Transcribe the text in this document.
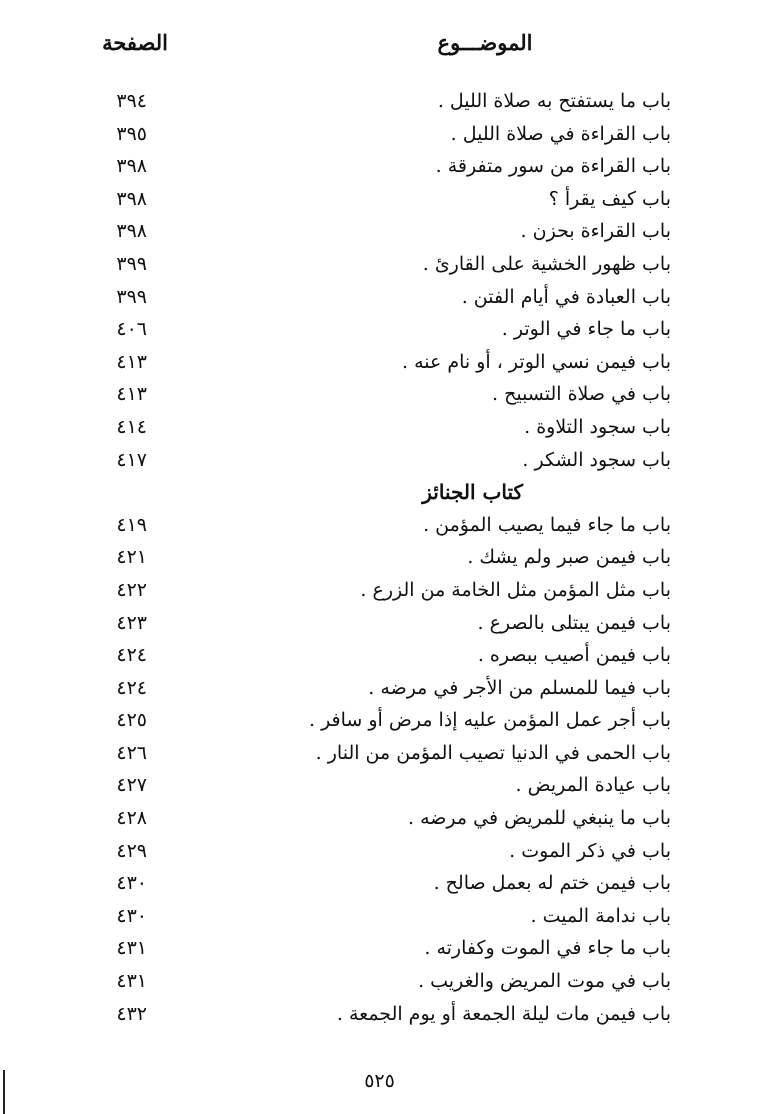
الموضـــوع
الصفحة
باب ما يستفتح به صلاة الليل .
٣٩٤
باب القراءة في صلاة الليل .
٣٩٥
باب القراءة من سور متفرقة .
٣٩٨
باب كيف يقرأ ؟
٣٩٨
باب القراءة بحزن .
٣٩٨
باب ظهور الخشية على القارئ .
٣٩٩
باب العبادة في أيام الفتن .
٣٩٩
باب ما جاء في الوتر .
٤٠٦
باب فيمن نسي الوتر ، أو نام عنه .
٤١٣
باب في صلاة التسبيح .
٤١٣
باب سجود التلاوة .
٤١٤
باب سجود الشكر .
٤١٧
كتاب الجنائز
باب ما جاء فيما يصيب المؤمن .
٤١٩
باب فيمن صبر ولم يشك .
٤٢١
باب مثل المؤمن مثل الخامة من الزرع .
٤٢٢
باب فيمن يبتلى بالصرع .
٤٢٣
باب فيمن أصيب ببصره .
٤٢٤
باب فيما للمسلم من الأجر في مرضه .
٤٢٤
باب أجر عمل المؤمن عليه إذا مرض أو سافر .
٤٢٥
باب الحمى في الدنيا تصيب المؤمن من النار .
٤٢٦
باب عيادة المريض .
٤٢٧
باب ما ينبغي للمريض في مرضه .
٤٢٨
باب في ذكر الموت .
٤٢٩
باب فيمن ختم له بعمل صالح .
٤٣٠
باب ندامة الميت .
٤٣٠
باب ما جاء في الموت وكفارته .
٤٣١
باب في موت المريض والغريب .
٤٣١
باب فيمن مات ليلة الجمعة أو يوم الجمعة .
٤٣٢
٥٢٥
